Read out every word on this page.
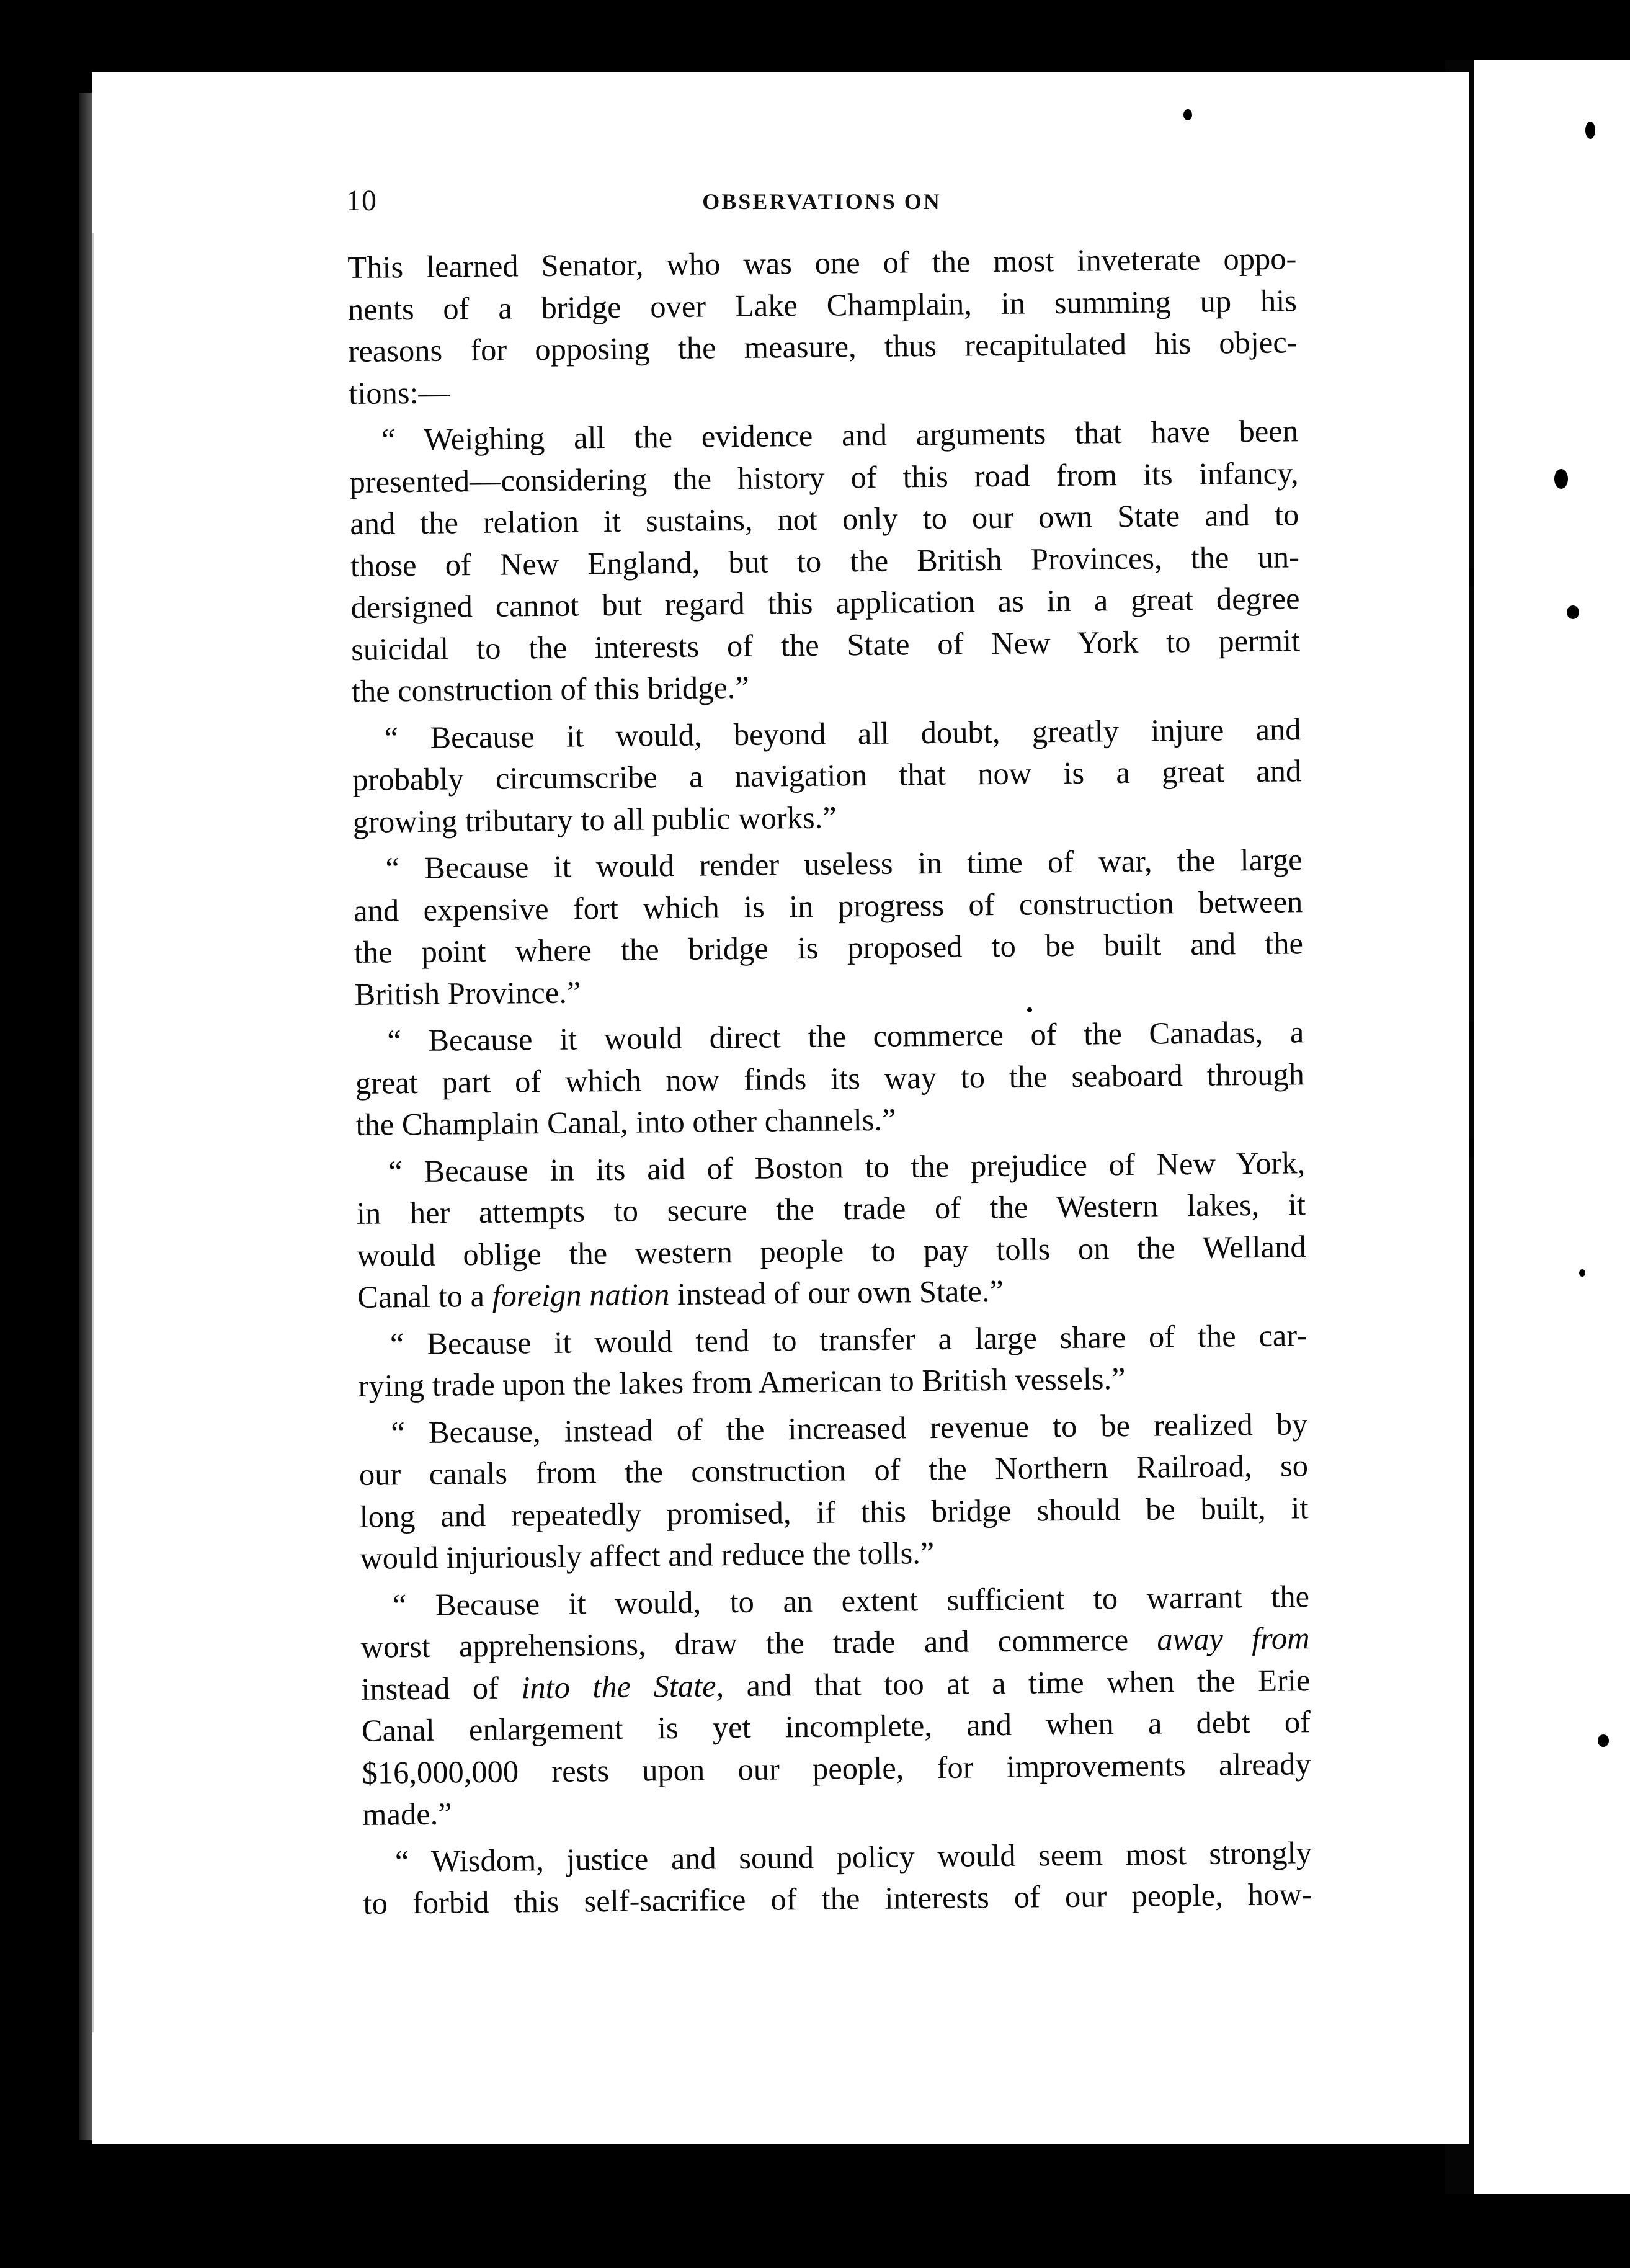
10	OBSERVATIONS ON
This learned Senator, who was one of the most inveterate oppo-
nents of a bridge over Lake Champlain, in summing up his
reasons for opposing the measure, thus recapitulated his objec-
tions:—
“ Weighing all the evidence and arguments that have been
presented—considering the history of this road from its infancy,
and the relation it sustains, not only to our own State and to
those of New England, but to the British Provinces, the un-
dersigned cannot but regard this application as in a great degree
suicidal to the interests of the State of New York to permit
the construction of this bridge.”
“ Because it would, beyond all doubt, greatly injure and
probably circumscribe a navigation that now is a great and
growing tributary to all public works.”
“ Because it would render useless in time of war, the large
and expensive fort which is in progress of construction between
the point where the bridge is proposed to be built and the
British Province.”
“ Because it would direct the commerce of the Canadas, a
great part of which now finds its way to the seaboard through
the Champlain Canal, into other channels.”
“ Because in its aid of Boston to the prejudice of New York,
in her attempts to secure the trade of the Western lakes, it
would oblige the western people to pay tolls on the Welland
Canal to a foreign nation instead of our own State.”
“ Because it would tend to transfer a large share of the car-
rying trade upon the lakes from American to British vessels.”
“ Because, instead of the increased revenue to be realized by
our canals from the construction of the Northern Railroad, so
long and repeatedly promised, if this bridge should be built, it
would injuriously affect and reduce the tolls.”
“ Because it would, to an extent sufficient to warrant the
worst apprehensions, draw the trade and commerce away from
instead of into the State, and that too at a time when the Erie
Canal enlargement is yet incomplete, and when a debt of
$16,000,000 rests upon our people, for improvements already
made.”
“ Wisdom, justice and sound policy would seem most strongly
to forbid this self-sacrifice of the interests of our people, how-
